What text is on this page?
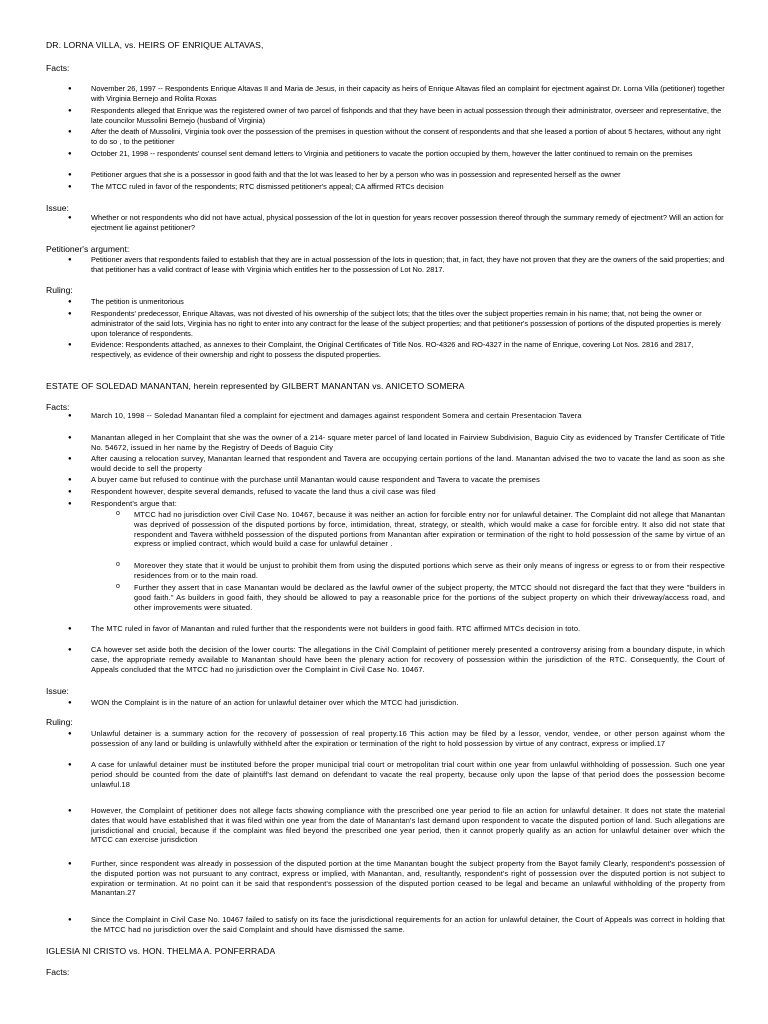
DR. LORNA VILLA, vs. HEIRS OF ENRIQUE ALTAVAS,
Facts:
●	November 26, 1997 -- Respondents Enrique Altavas II and Maria de Jesus, in their capacity as heirs of Enrique Altavas filed an complaint for ejectment against Dr. Lorna Villa (petitioner) together with Virginia Bernejo and Rolita Roxas
●	Respondents alleged that Enrique was the registered owner of two parcel of fishponds and that they have been in actual possession through their administrator, overseer and representative, the late councilor Mussolini Bernejo (husband of Virginia)
●	After the death of Mussolini, Virginia took over the possession of the premises in question without the consent of respondents and that she leased a portion of about 5 hectares, without any right to do so , to the petitioner
●	October 21, 1998 -- respondents' counsel sent demand letters to Virginia and petitioners to vacate the portion occupied by them, however the latter continued to remain on the premises
●	Petitioner argues that she is a possessor in good faith and that the lot was leased to her by a person who was in possession and represented herself as the owner
●	The MTCC ruled in favor of the respondents; RTC dismissed petitioner's appeal; CA affirmed RTCs decision
Issue:
●	Whether or not respondents who did not have actual, physical possession of the lot in question for years recover possession thereof through the summary remedy of ejectment? Will an action for ejectment lie against petitioner?
Petitioner's argument:
●	Petitioner avers that respondents failed to establish that they are in actual possession of the lots in question; that, in fact, they have not proven that they are the owners of the said properties; and that petitioner has a valid contract of lease with Virginia which entitles her to the possession of Lot No. 2817.
Ruling:
●	The petition is unmeritorious
●	Respondents' predecessor, Enrique Altavas, was not divested of his ownership of the subject lots; that the titles over the subject properties remain in his name; that, not being the owner or administrator of the said lots, Virginia has no right to enter into any contract for the lease of the subject properties; and that petitioner's possession of portions of the disputed properties is merely upon tolerance of respondents.
●	Evidence: Respondents attached, as annexes to their Complaint, the Original Certificates of Title Nos. RO-4326 and RO-4327 in the name of Enrique, covering Lot Nos. 2816 and 2817, respectively, as evidence of their ownership and right to possess the disputed properties.
ESTATE OF SOLEDAD MANANTAN, herein represented by GILBERT MANANTAN vs. ANICETO SOMERA
Facts:
●	March 10, 1998 -- Soledad Manantan filed a complaint for ejectment and damages against respondent Somera and certain Presentacion Tavera
●	Manantan alleged in her Complaint that she was the owner of a 214- square meter parcel of land located in Fairview Subdivision, Baguio City as evidenced by Transfer Certificate of Title No. 54672, issued in her name by the Registry of Deeds of Baguio City
●	After causing a relocation survey, Manantan learned that respondent and Tavera are occupying certain portions of the land. Manantan advised the two to vacate the land as soon as she would decide to sell the property
●	A buyer came but refused to continue with the purchase until Manantan would cause respondent and Tavera to vacate the premises
●	Respondent however, despite several demands, refused to vacate the land thus a civil case was filed
●	Respondent's argue that:
o MTCC had no jurisdiction over Civil Case No. 10467, because it was neither an action for forcible entry nor for unlawful detainer. The Complaint did not allege that Manantan was deprived of possession of the disputed portions by force, intimidation, threat, strategy, or stealth, which would make a case for forcible entry. It also did not state that respondent and Tavera withheld possession of the disputed portions from Manantan after expiration or termination of the right to hold possession of the same by virtue of an express or implied contract, which would build a case for unlawful detainer .
o Moreover they state that it would be unjust to prohibit them from using the disputed portions which serve as their only means of ingress or egress to or from their respective residences from or to the main road.
o Further they assert that in case Manantan would be declared as the lawful owner of the subject property, the MTCC should not disregard the fact that they were "builders in good faith." As builders in good faith, they should be allowed to pay a reasonable price for the portions of the subject property on which their driveway/access road, and other improvements were situated.
●	The MTC ruled in favor of Manantan and ruled further that the respondents were not builders in good faith. RTC affirmed MTCs decision in toto.
●	CA however set aside both the decision of the lower courts: The allegations in the Civil Complaint of petitioner merely presented a controversy arising from a boundary dispute, in which case, the appropriate remedy available to Manantan should have been the plenary action for recovery of possession within the jurisdiction of the RTC. Consequently, the Court of Appeals concluded that the MTCC had no jurisdiction over the Complaint in Civil Case No. 10467.
Issue:
●	WON the Complaint is in the nature of an action for unlawful detainer over which the MTCC had jurisdiction.
Ruling:
●	Unlawful detainer is a summary action for the recovery of possession of real property.16 This action may be filed by a lessor, vendor, vendee, or other person against whom the possession of any land or building is unlawfully withheld after the expiration or termination of the right to hold possession by virtue of any contract, express or implied.17
●	A case for unlawful detainer must be instituted before the proper municipal trial court or metropolitan trial court within one year from unlawful withholding of possession. Such one year period should be counted from the date of plaintiff's last demand on defendant to vacate the real property, because only upon the lapse of that period does the possession become unlawful.18
●	However, the Complaint of petitioner does not allege facts showing compliance with the prescribed one year period to file an action for unlawful detainer. It does not state the material dates that would have established that it was filed within one year from the date of Manantan's last demand upon respondent to vacate the disputed portion of land. Such allegations are jurisdictional and crucial, because if the complaint was filed beyond the prescribed one year period, then it cannot properly qualify as an action for unlawful detainer over which the MTCC can exercise jurisdiction
●	Further, since respondent was already in possession of the disputed portion at the time Manantan bought the subject property from the Bayot family Clearly, respondent's possession of the disputed portion was not pursuant to any contract, express or implied, with Manantan, and, resultantly, respondent's right of possession over the disputed portion is not subject to expiration or termination. At no point can it be said that respondent's possession of the disputed portion ceased to be legal and became an unlawful withholding of the property from Manantan.27
●	Since the Complaint in Civil Case No. 10467 failed to satisfy on its face the jurisdictional requirements for an action for unlawful detainer, the Court of Appeals was correct in holding that the MTCC had no jurisdiction over the said Complaint and should have dismissed the same.
IGLESIA NI CRISTO vs. HON. THELMA A. PONFERRADA
Facts:
